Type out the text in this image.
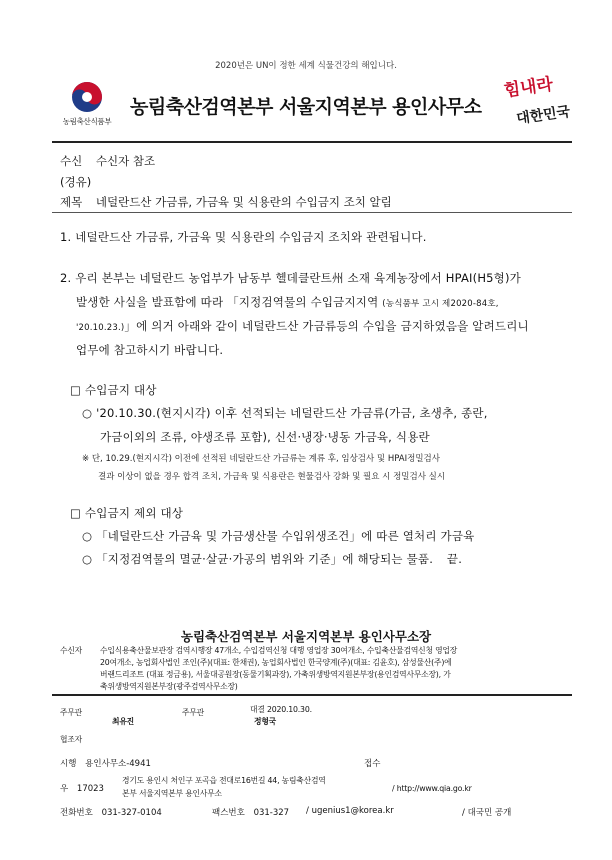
2020년은 UN이 정한 세계 식물건강의 해입니다.
농림축산식품부
농림축산검역본부 서울지역본부 용인사무소
힘내라
대한민국
수신 수신자 참조
(경유)
제목 네덜란드산 가금류, 가금육 및 식용란의 수입금지 조치 알림
1. 네덜란드산 가금류, 가금육 및 식용란의 수입금지 조치와 관련됩니다.
2. 우리 본부는 네덜란드 농업부가 남동부 헬데클란트州 소재 육계농장에서 HPAI(H5형)가
발생한 사실을 발표함에 따라 「지정검역물의 수입금지지역 (농식품부 고시 제2020-84호,
'20.10.23.)」에 의거 아래와 같이 네덜란드산 가금류등의 수입을 금지하였음을 알려드리니
업무에 참고하시기 바랍니다.
□ 수입금지 대상
○ '20.10.30.(현지시각) 이후 선적되는 네덜란드산 가금류(가금, 초생추, 종란,
가금이외의 조류, 야생조류 포함), 신선·냉장·냉동 가금육, 식용란
※ 단, 10.29.(현지시각) 이전에 선적된 네덜란드산 가금류는 계류 후, 임상검사 및 HPAI정밀검사
결과 이상이 없을 경우 합격 조치, 가금육 및 식용란은 현물검사 강화 및 필요 시 정밀검사 실시
□ 수입금지 제외 대상
○ 「네덜란드산 가금육 및 가금생산물 수입위생조건」에 따른 열처리 가금육
○ 「지정검역물의 멸균·살균·가공의 범위와 기준」에 해당되는 물품. 끝.
농림축산검역본부 서울지역본부 용인사무소장
수신자 수입식용축산물보관장 검역시행장 47개소, 수입검역신청 대행 영업장 30여개소, 수입축산물검역신청 영업장
20여개소, 농업회사법인 조인(주)(대표: 한채권), 농업회사법인 한국양계(주)(대표: 김윤호), 삼성물산(주)에
버랜드리조트 (대표 정금용), 서울대공원장(동물기획과장), 가축위생방역지원본부장(용인검역사무소장), 가
축위생방역지원본부장(광주검역사무소장)
주무관
최유진
주무관	대결 2020.10.30.
정형국
협조자
시행 용인사무소-4941	접수
우 17023
경기도 용인시 처인구 포곡읍 전대로16번길 44, 농림축산검역
본부 서울지역본부 용인사무소
/ http://www.qia.go.kr
전화번호 031-327-0104	팩스번호 031-327 / ugenius1@korea.kr	/ 대국민 공개
